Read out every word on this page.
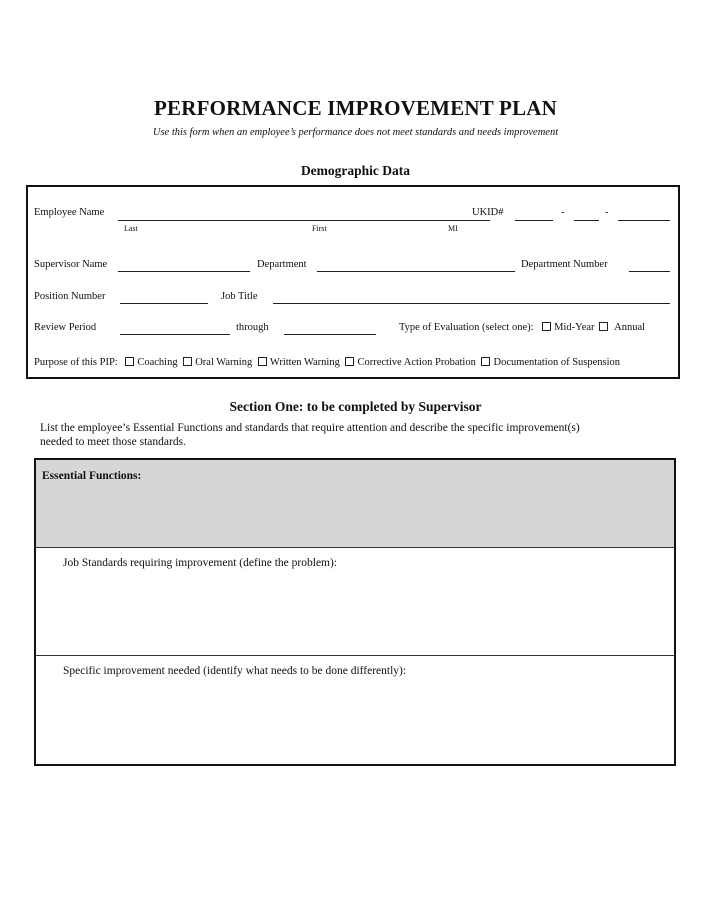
PERFORMANCE IMPROVEMENT PLAN
Use this form when an employee’s performance does not meet standards and needs improvement
Demographic Data
Employee Name
Last	First	MI
UKID#	-	-
Supervisor Name	Department	Department Number
Position Number	Job Title
Review Period	through	Type of Evaluation (select one): Mid-Year Annual
Purpose of this PIP: Coaching Oral Warning Written Warning Corrective Action Probation Documentation of Suspension
Section One: to be completed by Supervisor
List the employee’s Essential Functions and standards that require attention and describe the specific improvement(s)
needed to meet those standards.
Essential Functions:
Job Standards requiring improvement (define the problem):
Specific improvement needed (identify what needs to be done differently):
